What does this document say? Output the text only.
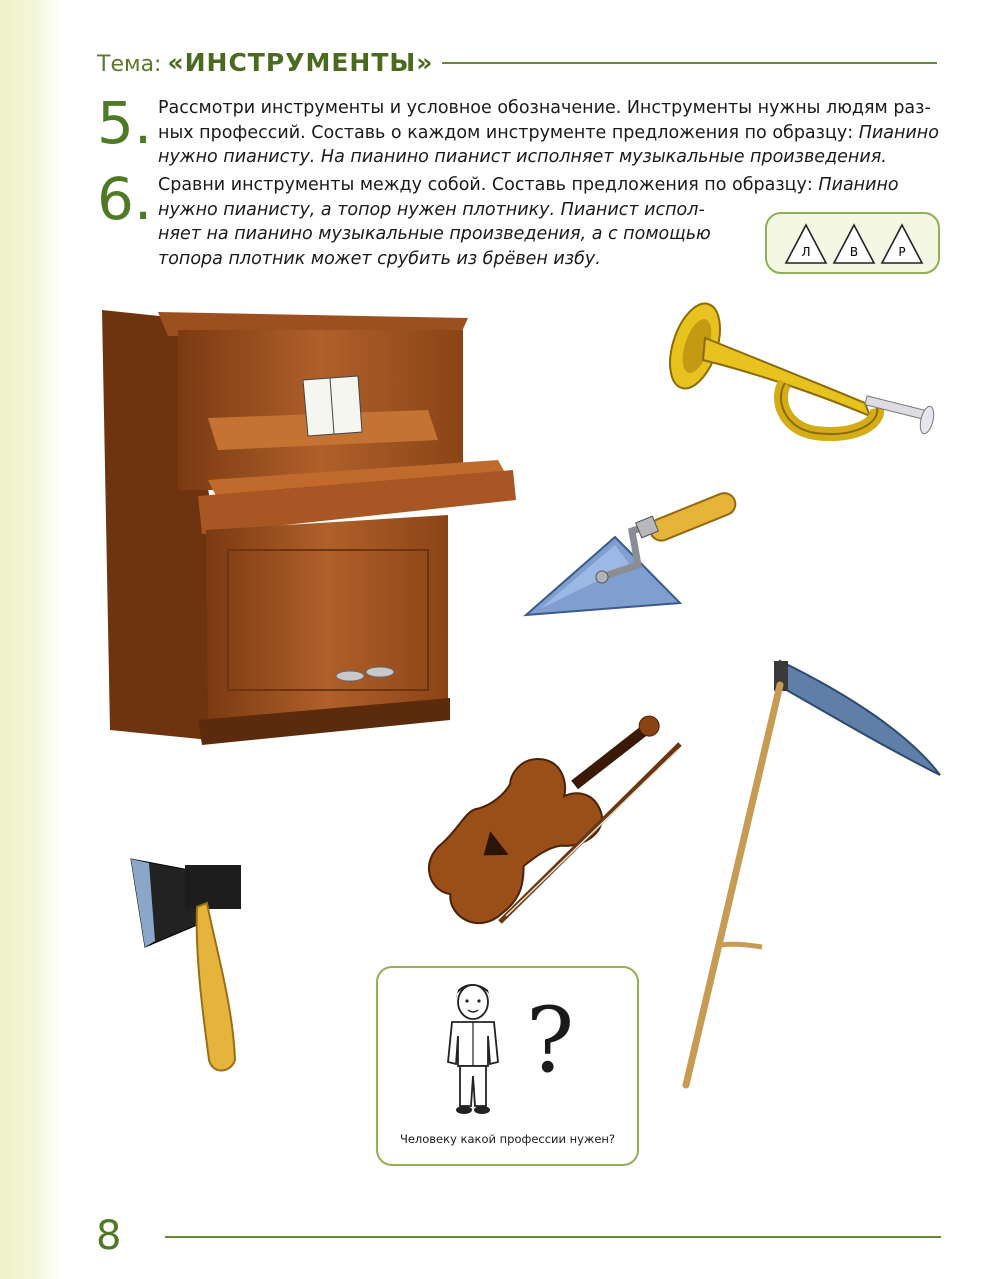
Тема: «ИНСТРУМЕНТЫ»
5. Рассмотри инструменты и условное обозначение. Инструменты нужны людям раз-
ных профессий. Составь о каждом инструменте предложения по образцу: Пианино
нужно пианисту. На пианино пианист исполняет музыкальные произведения.
6. Сравни инструменты между собой. Составь предложения по образцу: Пианино
нужно пианисту, а топор нужен плотнику. Пианист испол-
няет на пианино музыкальные произведения, а с помощью
топора плотник может срубить из брёвен избу.	Л	В	Р
?
Человеку какой профессии нужен?
8
